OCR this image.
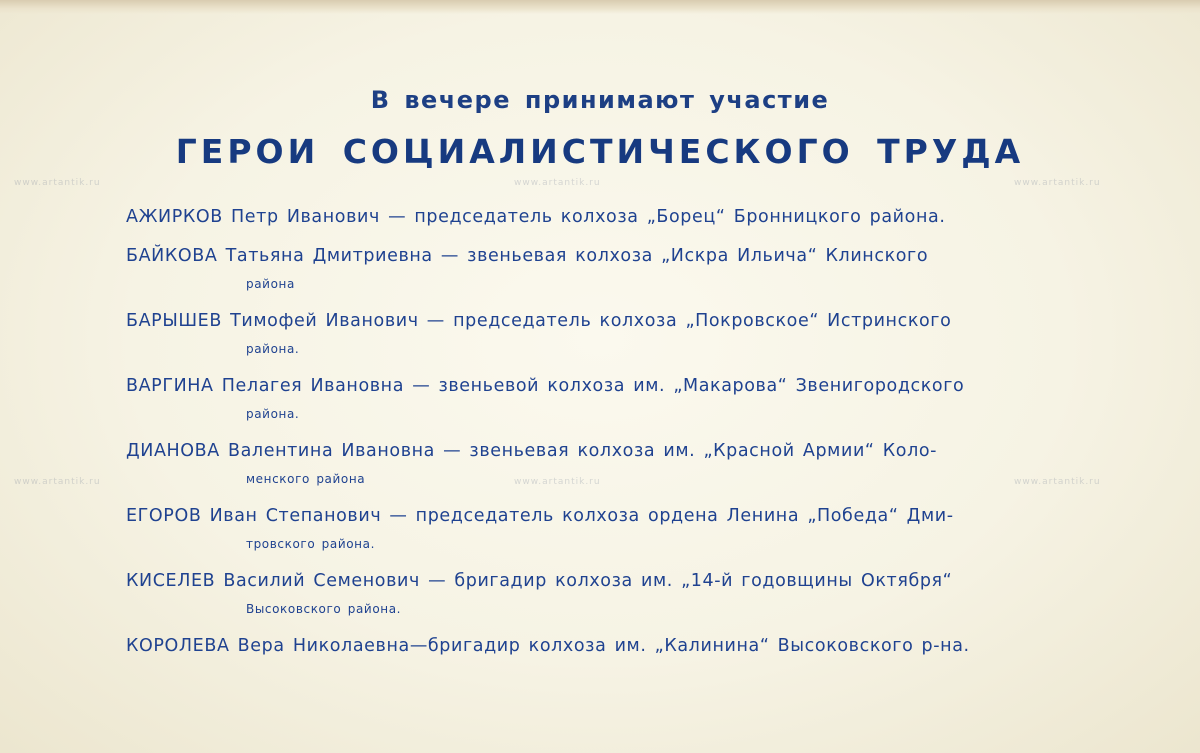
www.artantik.ru	www.artantik.ru	www.artantik.ru
www.artantik.ru	www.artantik.ru	www.artantik.ru
В вечере принимают участие
ГЕРОИ СОЦИАЛИСТИЧЕСКОГО ТРУДА
АЖИРКОВ Петр Иванович — председатель колхоза „Борец“ Бронницкого района.
БАЙКОВА Татьяна Дмитриевна — звеньевая колхоза „Искра Ильича“ Клинского
района
БАРЫШЕВ Тимофей Иванович — председатель колхоза „Покровское“ Истринского
района.
ВАРГИНА Пелагея Ивановна — звеньевой колхоза им. „Макарова“ Звенигородского
района.
ДИАНОВА Валентина Ивановна — звеньевая колхоза им. „Красной Армии“ Коло-
менского района
ЕГОРОВ Иван Степанович — председатель колхоза ордена Ленина „Победа“ Дми-
тровского района.
КИСЕЛЕВ Василий Семенович — бригадир колхоза им. „14-й годовщины Октября“
Высоковского района.
КОРОЛЕВА Вера Николаевна—бригадир колхоза им. „Калинина“ Высоковского р-на.
